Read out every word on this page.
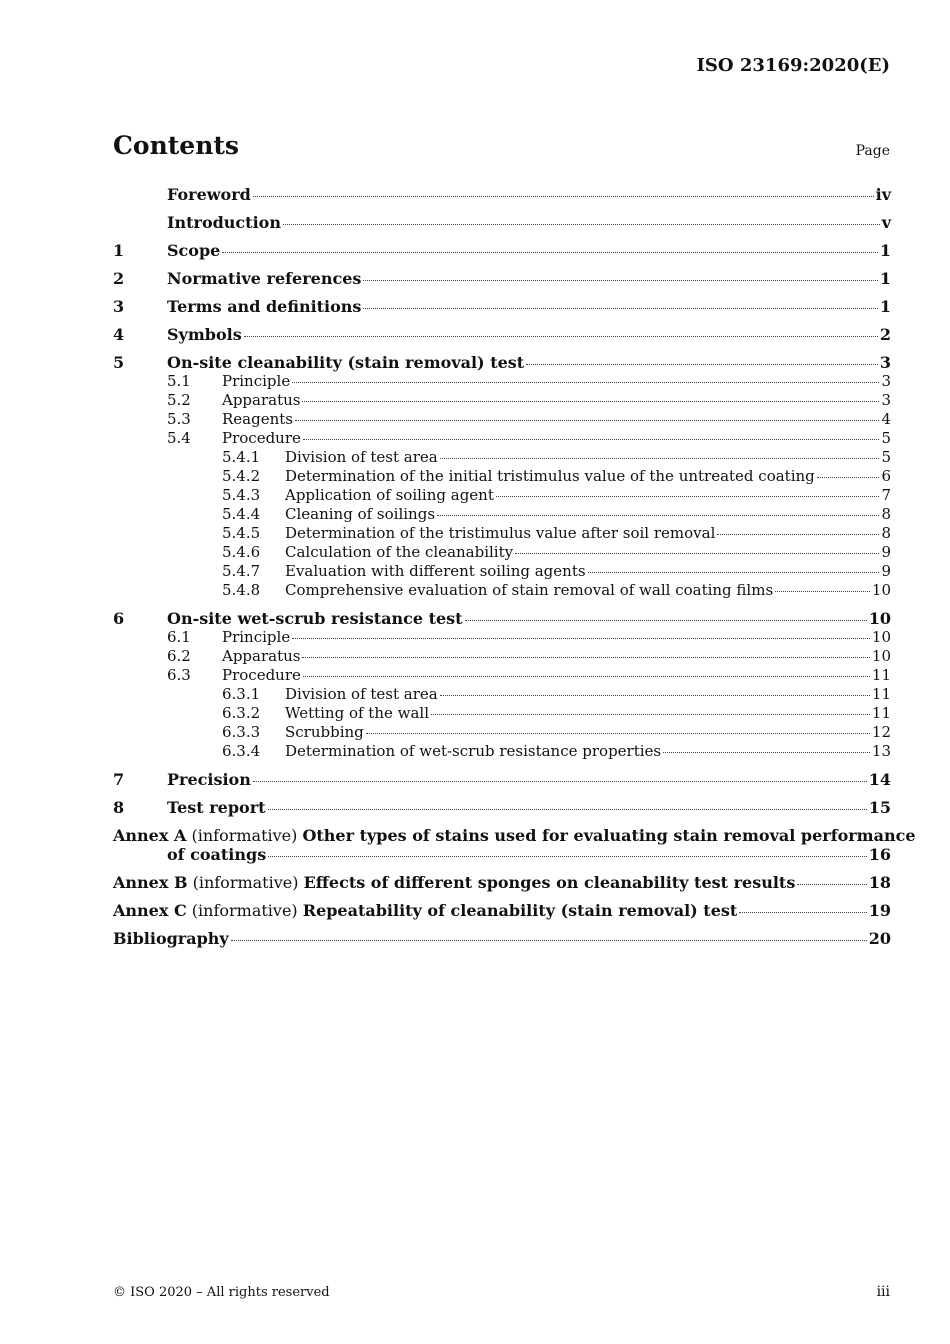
ISO 23169:2020(E)
Contents	Page
Foreword	iv
Introduction	v
1	Scope	1
2	Normative references	1
3	Terms and definitions	1
4	Symbols	2
5	On-site cleanability (stain removal) test	3
5.1	Principle	3
5.2	Apparatus	3
5.3	Reagents	4
5.4	Procedure	5
5.4.1	Division of test area	5
5.4.2	Determination of the initial tristimulus value of the untreated coating	6
5.4.3	Application of soiling agent	7
5.4.4	Cleaning of soilings	8
5.4.5	Determination of the tristimulus value after soil removal	8
5.4.6	Calculation of the cleanability	9
5.4.7	Evaluation with different soiling agents	9
5.4.8	Comprehensive evaluation of stain removal of wall coating films	10
6	On-site wet-scrub resistance test	10
6.1	Principle	10
6.2	Apparatus	10
6.3	Procedure	11
6.3.1	Division of test area	11
6.3.2	Wetting of the wall	11
6.3.3	Scrubbing	12
6.3.4	Determination of wet-scrub resistance properties	13
7	Precision	14
8	Test report	15
Annex A (informative) Other types of stains used for evaluating stain removal performance
of coatings	16
Annex B (informative) Effects of different sponges on cleanability test results	18
Annex C (informative) Repeatability of cleanability (stain removal) test	19
Bibliography	20
© ISO 2020 – All rights reserved	iii
